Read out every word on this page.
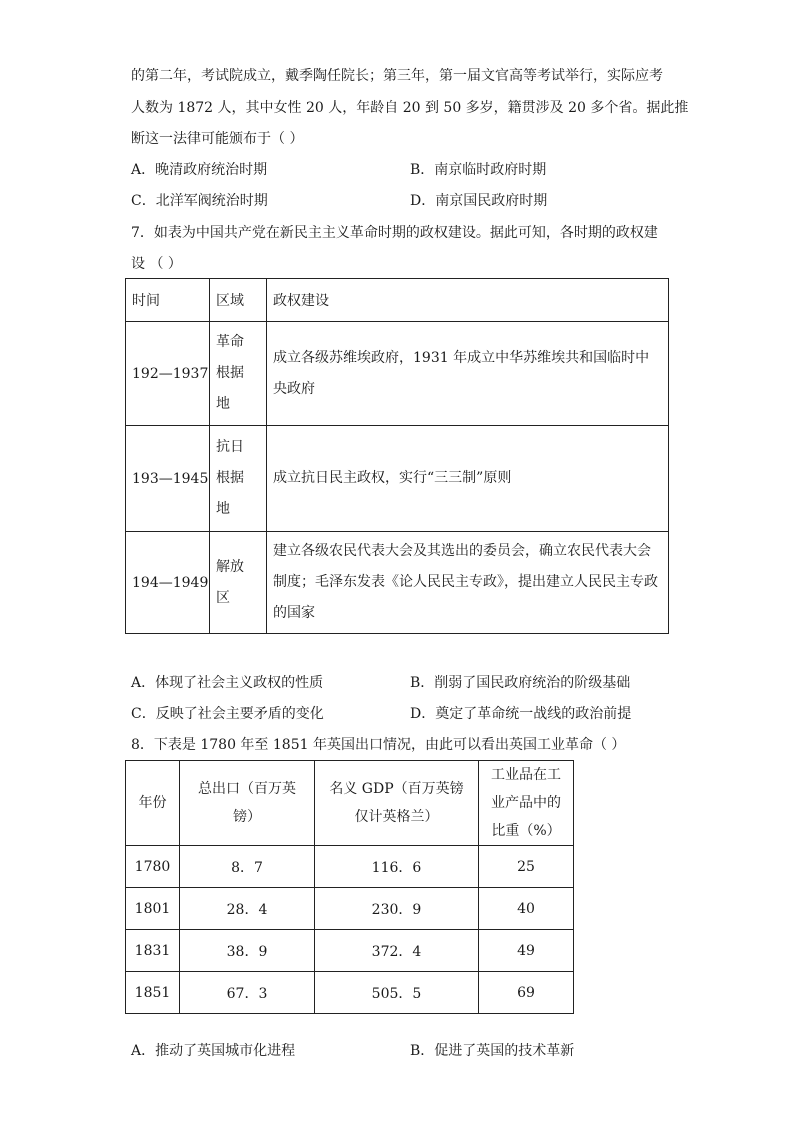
的第二年，考试院成立，戴季陶任院长；第三年，第一届文官高等考试举行，实际应考
人数为 1872 人，其中女性 20 人，年龄自 20 到 50 多岁，籍贯涉及 20 多个省。据此推
断这一法律可能颁布于（ ）
A．晚清政府统治时期	B．南京临时政府时期
C．北洋军阀统治时期	D．南京国民政府时期
7．如表为中国共产党在新民主主义革命时期的政权建设。据此可知，各时期的政权建
设 （ ）
时间	区域	政权建设
192—1937	革命
根据
地	成立各级苏维埃政府，1931 年成立中华苏维埃共和国临时中央政府
193—1945	抗日
根据
地	成立抗日民主政权，实行“三三制”原则
194—1949	解放
区	建立各级农民代表大会及其选出的委员会，确立农民代表大会制度；毛泽东发表《论人民民主专政》，提出建立人民民主专政的国家
A．体现了社会主义政权的性质	B．削弱了国民政府统治的阶级基础
C．反映了社会主要矛盾的变化	D．奠定了革命统一战线的政治前提
8．下表是 1780 年至 1851 年英国出口情况，由此可以看出英国工业革命（ ）
年份	总出口（百万英镑）	名义 GDP（百万英镑仅计英格兰）	工业品在工业产品中的比重（%）
1780	8．7	116．6	25
1801	28．4	230．9	40
1831	38．9	372．4	49
1851	67．3	505．5	69
A．推动了英国城市化进程	B．促进了英国的技术革新
